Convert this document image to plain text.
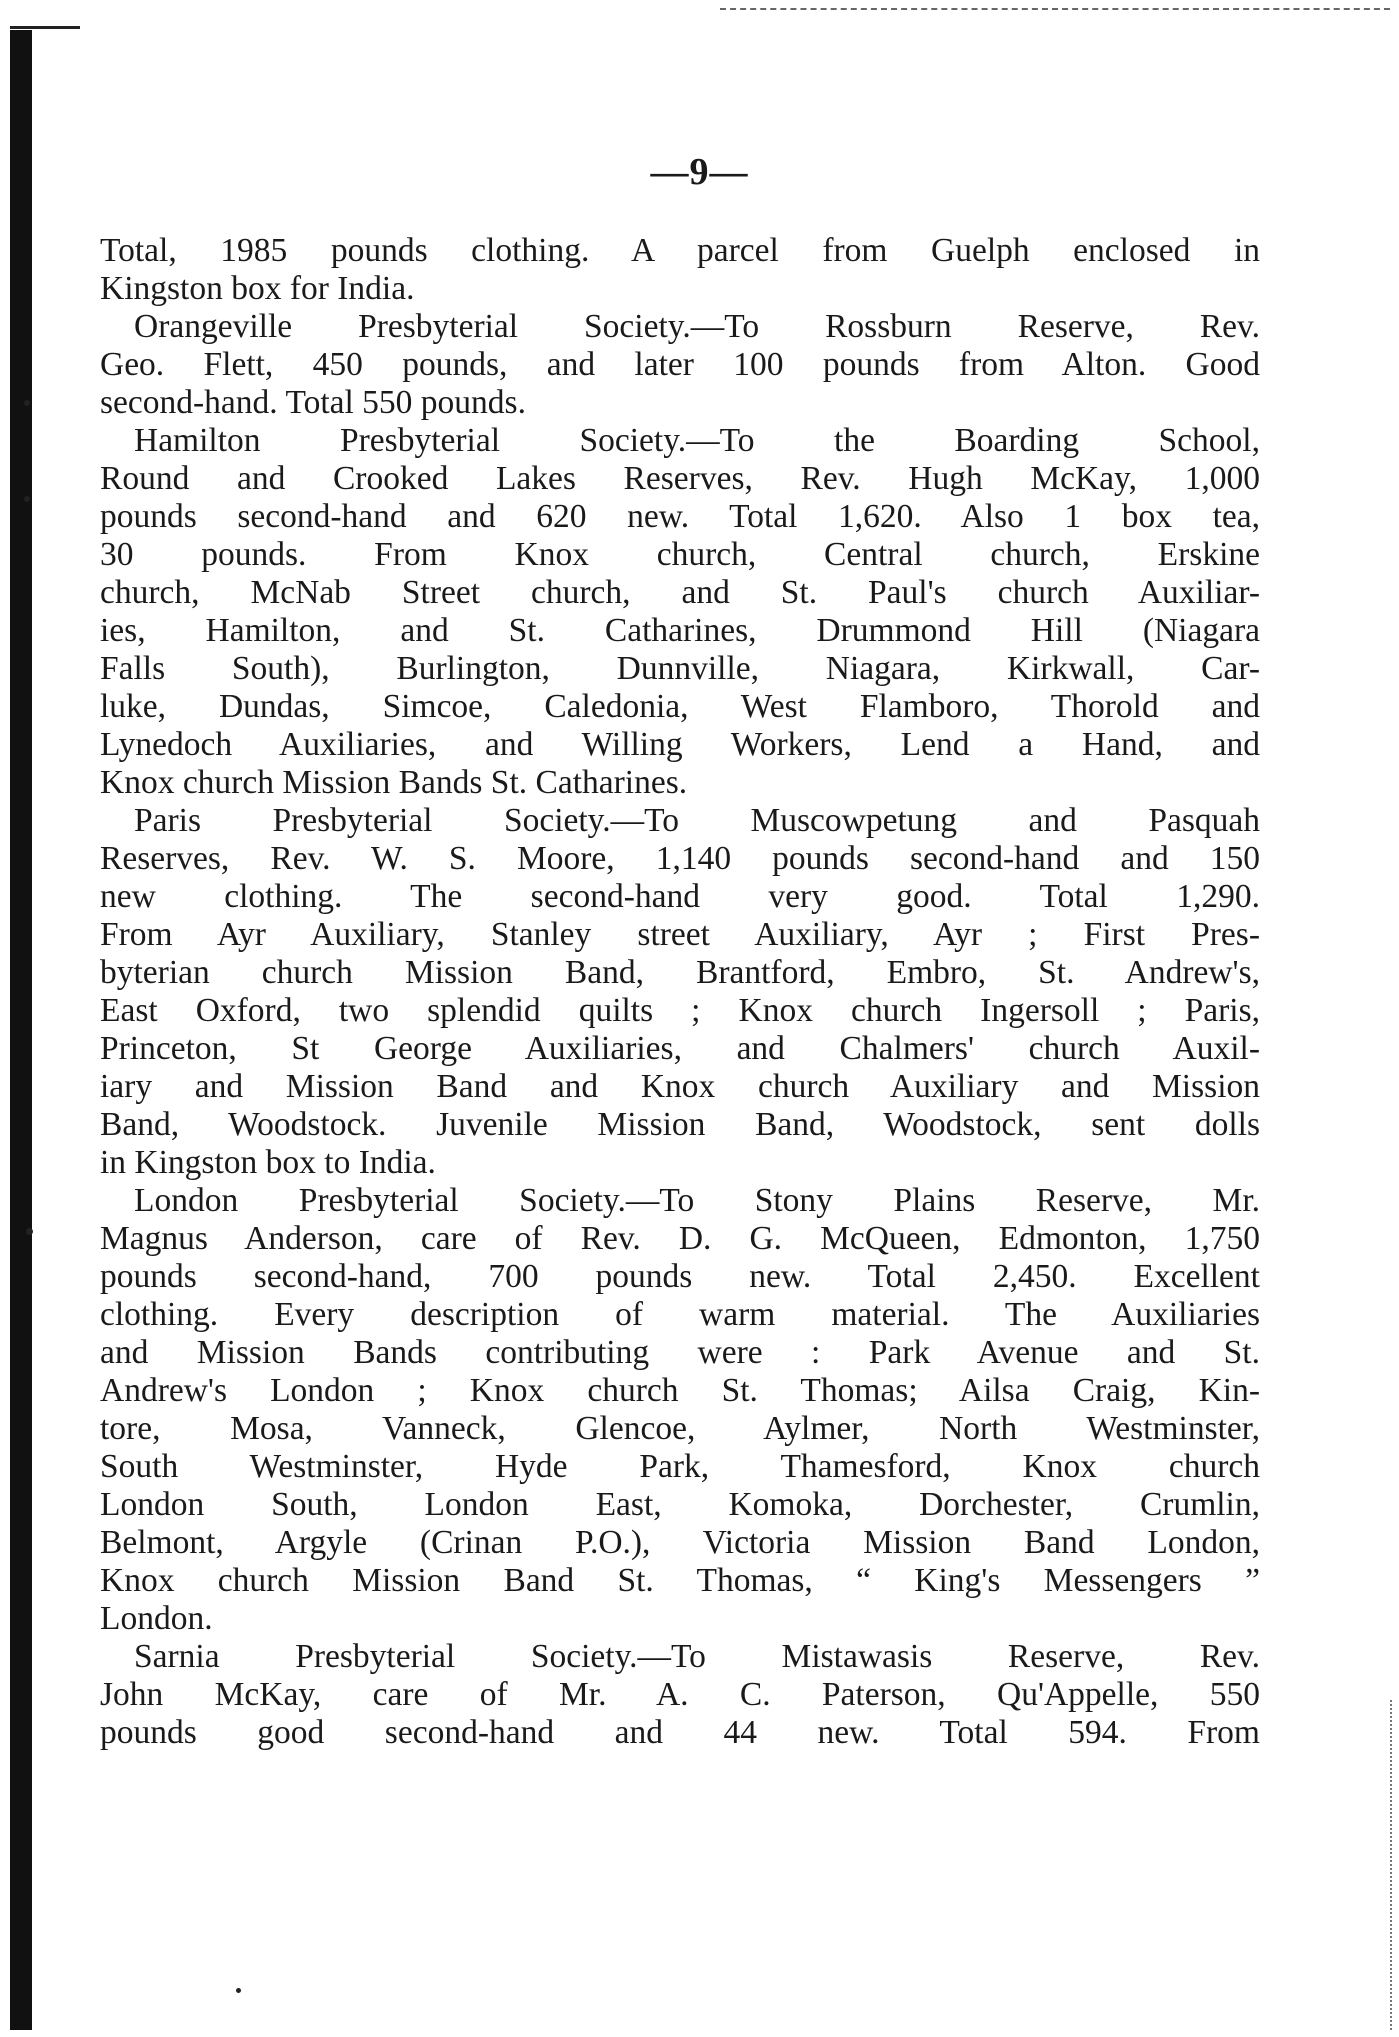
—9—
Total, 1985 pounds clothing. A parcel from Guelph enclosed in
Kingston box for India.
Orangeville Presbyterial Society.—To Rossburn Reserve, Rev.
Geo. Flett, 450 pounds, and later 100 pounds from Alton. Good
second-hand. Total 550 pounds.
Hamilton Presbyterial Society.—To the Boarding School,
Round and Crooked Lakes Reserves, Rev. Hugh McKay, 1,000
pounds second-hand and 620 new. Total 1,620. Also 1 box tea,
30 pounds. From Knox church, Central church, Erskine
church, McNab Street church, and St. Paul's church Auxiliar-
ies, Hamilton, and St. Catharines, Drummond Hill (Niagara
Falls South), Burlington, Dunnville, Niagara, Kirkwall, Car-
luke, Dundas, Simcoe, Caledonia, West Flamboro, Thorold and
Lynedoch Auxiliaries, and Willing Workers, Lend a Hand, and
Knox church Mission Bands St. Catharines.
Paris Presbyterial Society.—To Muscowpetung and Pasquah
Reserves, Rev. W. S. Moore, 1,140 pounds second-hand and 150
new clothing. The second-hand very good. Total 1,290.
From Ayr Auxiliary, Stanley street Auxiliary, Ayr ; First Pres-
byterian church Mission Band, Brantford, Embro, St. Andrew's,
East Oxford, two splendid quilts ; Knox church Ingersoll ; Paris,
Princeton, St George Auxiliaries, and Chalmers' church Auxil-
iary and Mission Band and Knox church Auxiliary and Mission
Band, Woodstock. Juvenile Mission Band, Woodstock, sent dolls
in Kingston box to India.
London Presbyterial Society.—To Stony Plains Reserve, Mr.
Magnus Anderson, care of Rev. D. G. McQueen, Edmonton, 1,750
pounds second-hand, 700 pounds new. Total 2,450. Excellent
clothing. Every description of warm material. The Auxiliaries
and Mission Bands contributing were : Park Avenue and St.
Andrew's London ; Knox church St. Thomas; Ailsa Craig, Kin-
tore, Mosa, Vanneck, Glencoe, Aylmer, North Westminster,
South Westminster, Hyde Park, Thamesford, Knox church
London South, London East, Komoka, Dorchester, Crumlin,
Belmont, Argyle (Crinan P.O.), Victoria Mission Band London,
Knox church Mission Band St. Thomas, “ King's Messengers ”
London.
Sarnia Presbyterial Society.—To Mistawasis Reserve, Rev.
John McKay, care of Mr. A. C. Paterson, Qu'Appelle, 550
pounds good second-hand and 44 new. Total 594. From
